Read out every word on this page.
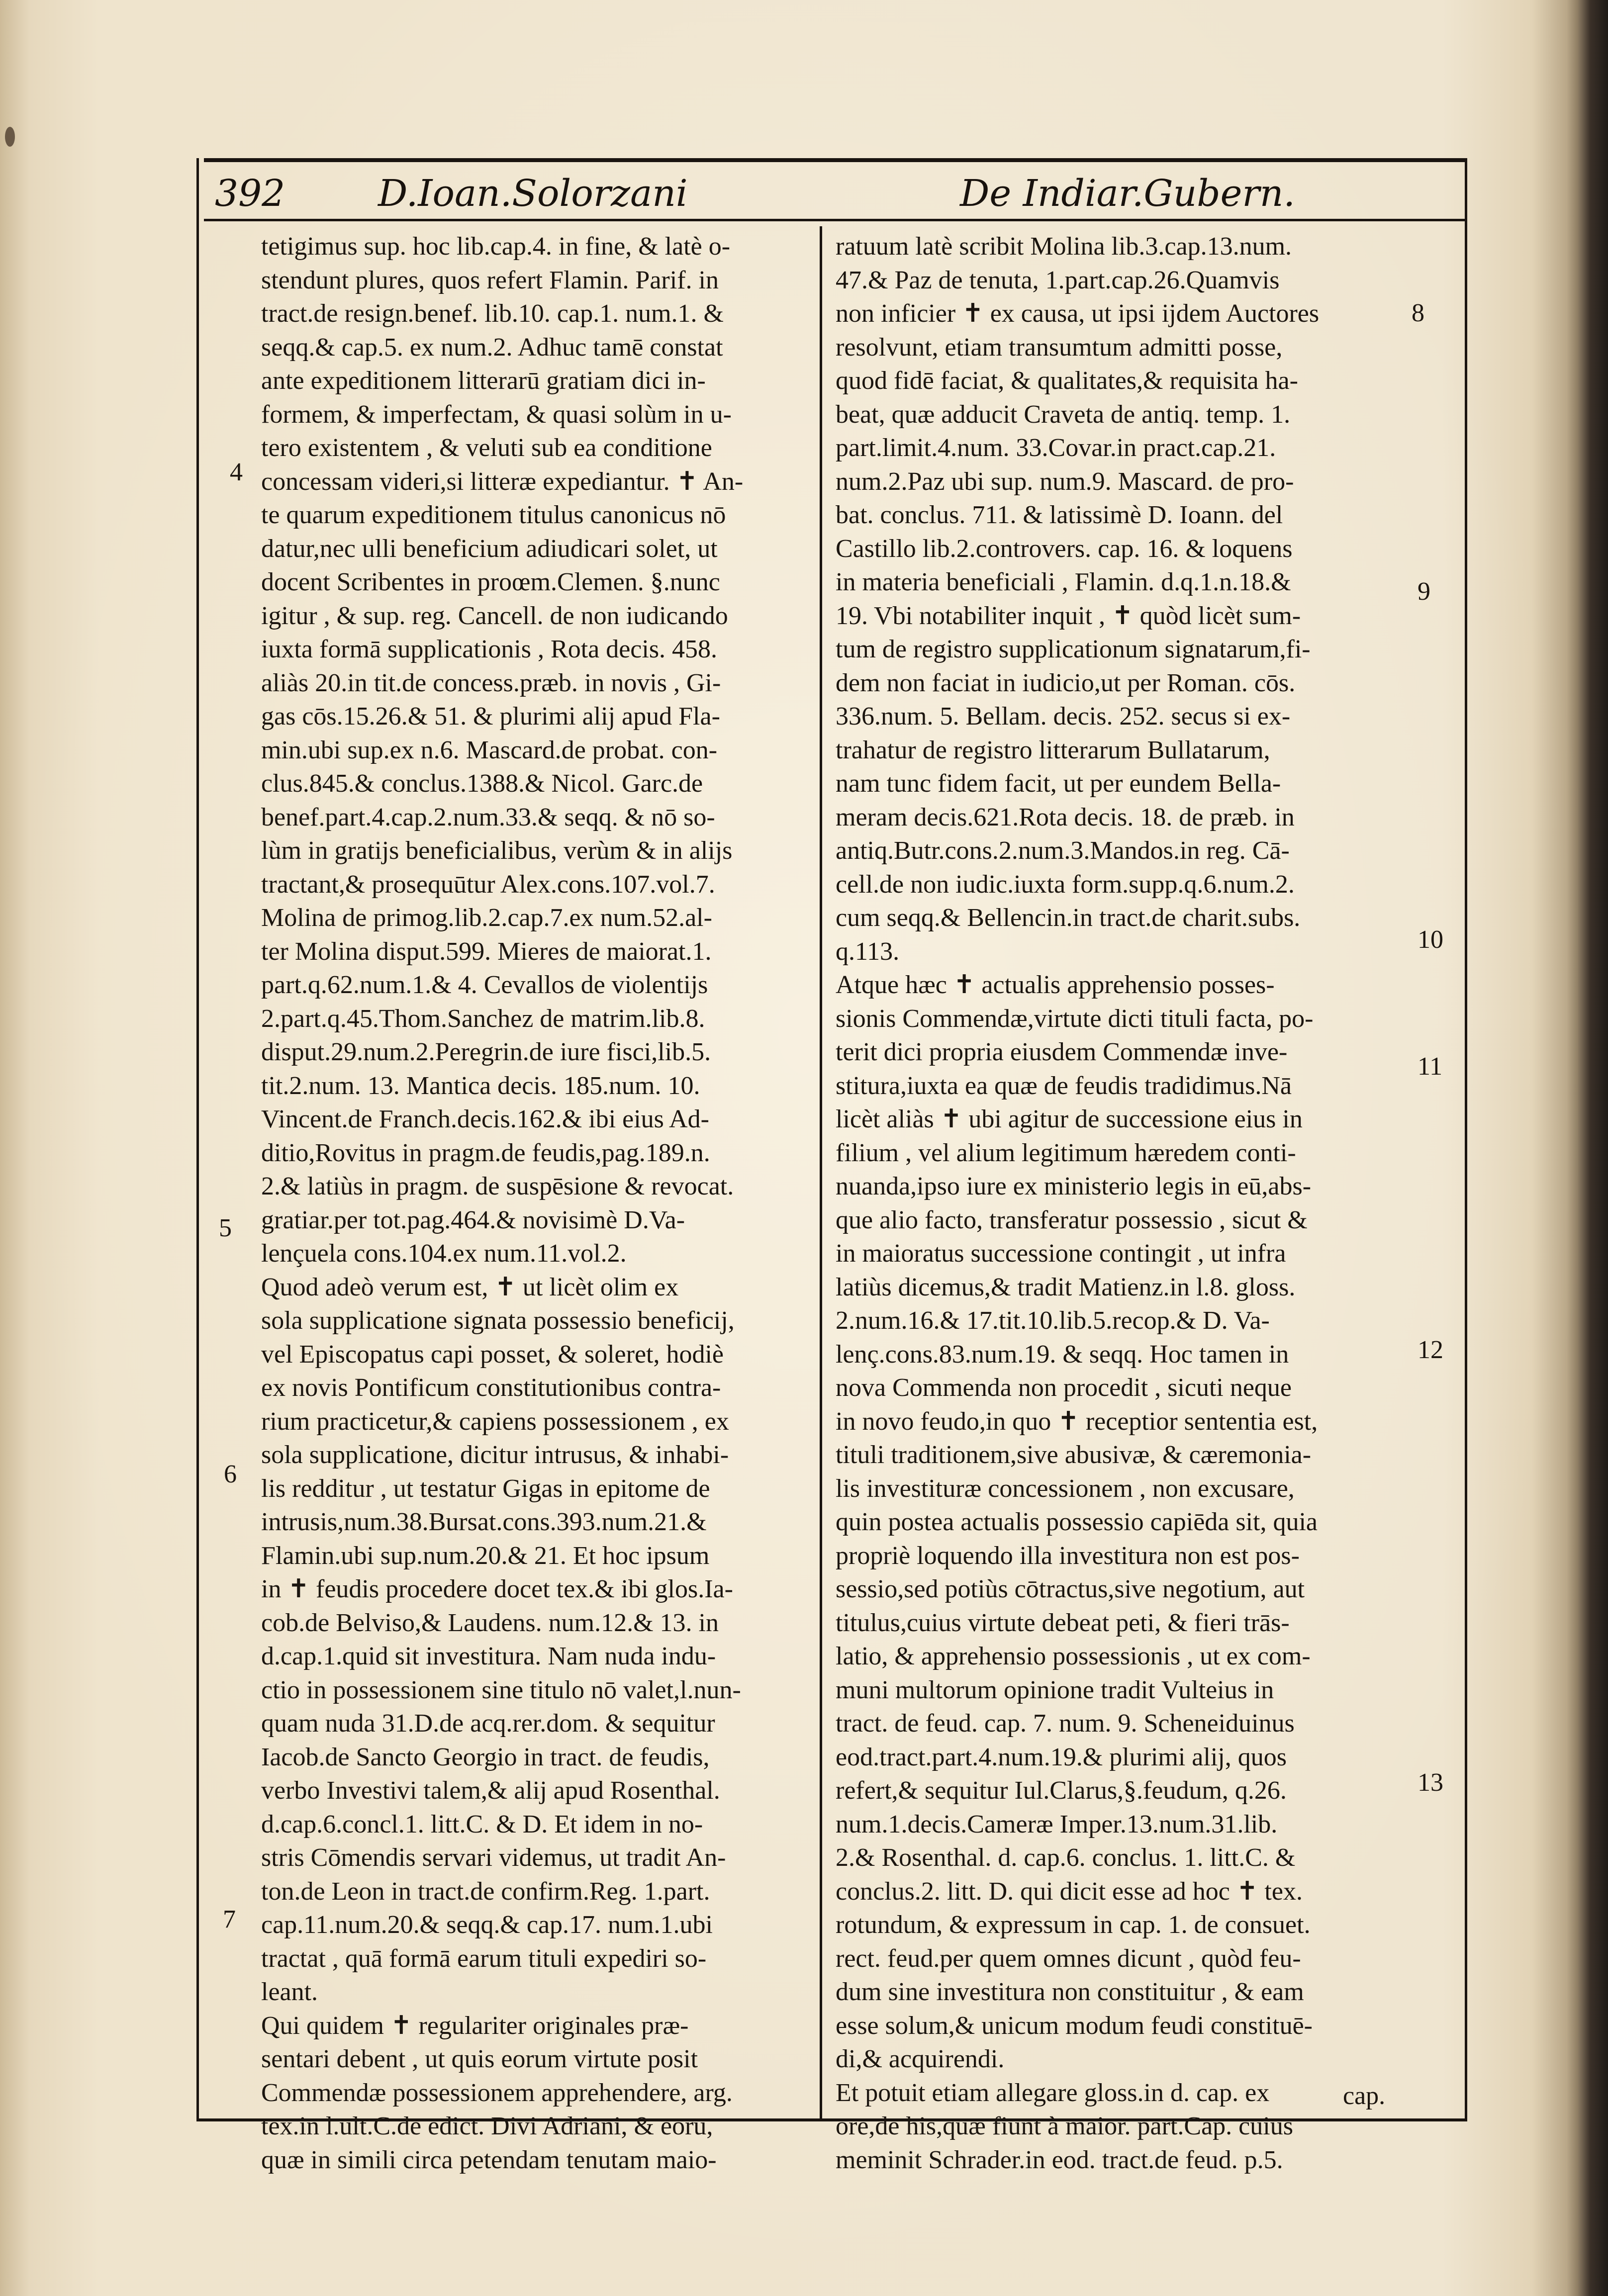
392	D.Ioan.Solorzani	De Indiar.Gubern.
tetigimus sup. hoc lib.cap.4. in fine, & latè o-
stendunt plures, quos refert Flamin. Parif. in
tract.de resign.benef. lib.10. cap.1. num.1. &
seqq.& cap.5. ex num.2. Adhuc tamē constat
ante expeditionem litterarū gratiam dici in-
formem, & imperfectam, & quasi solùm in u-
tero existentem , & veluti sub ea conditione
concessam videri,si litteræ expediantur. ✝ An-
te quarum expeditionem titulus canonicus nō
datur,nec ulli beneficium adiudicari solet, ut
docent Scribentes in proœm.Clemen. §.nunc
igitur , & sup. reg. Cancell. de non iudicando
iuxta formā supplicationis , Rota decis. 458.
aliàs 20.in tit.de concess.præb. in novis , Gi-
gas cōs.15.26.& 51. & plurimi alij apud Fla-
min.ubi sup.ex n.6. Mascard.de probat. con-
clus.845.& conclus.1388.& Nicol. Garc.de
benef.part.4.cap.2.num.33.& seqq. & nō so-
lùm in gratijs beneficialibus, verùm & in alijs
tractant,& prosequūtur Alex.cons.107.vol.7.
Molina de primog.lib.2.cap.7.ex num.52.al-
ter Molina disput.599. Mieres de maiorat.1.
part.q.62.num.1.& 4. Cevallos de violentijs
2.part.q.45.Thom.Sanchez de matrim.lib.8.
disput.29.num.2.Peregrin.de iure fisci,lib.5.
tit.2.num. 13. Mantica decis. 185.num. 10.
Vincent.de Franch.decis.162.& ibi eius Ad-
ditio,Rovitus in pragm.de feudis,pag.189.n.
2.& latiùs in pragm. de suspēsione & revocat.
gratiar.per tot.pag.464.& novisimè D.Va-
lençuela cons.104.ex num.11.vol.2.
Quod adeò verum est, ✝ ut licèt olim ex
sola supplicatione signata possessio beneficij,
vel Episcopatus capi posset, & soleret, hodiè
ex novis Pontificum constitutionibus contra-
rium practicetur,& capiens possessionem , ex
sola supplicatione, dicitur intrusus, & inhabi-
lis redditur , ut testatur Gigas in epitome de
intrusis,num.38.Bursat.cons.393.num.21.&
Flamin.ubi sup.num.20.& 21. Et hoc ipsum
in ✝ feudis procedere docet tex.& ibi glos.Ia-
cob.de Belviso,& Laudens. num.12.& 13. in
d.cap.1.quid sit investitura. Nam nuda indu-
ctio in possessionem sine titulo nō valet,l.nun-
quam nuda 31.D.de acq.rer.dom. & sequitur
Iacob.de Sancto Georgio in tract. de feudis,
verbo Investivi talem,& alij apud Rosenthal.
d.cap.6.concl.1. litt.C. & D. Et idem in no-
stris Cōmendis servari videmus, ut tradit An-
ton.de Leon in tract.de confirm.Reg. 1.part.
cap.11.num.20.& seqq.& cap.17. num.1.ubi
tractat , quā formā earum tituli expediri so-
leant.
Qui quidem ✝ regulariter originales præ-
sentari debent , ut quis eorum virtute posit
Commendæ possessionem apprehendere, arg.
tex.in l.ult.C.de edict. Divi Adriani, & eorū,
quæ in simili circa petendam tenutam maio-
ratuum latè scribit Molina lib.3.cap.13.num.
47.& Paz de tenuta, 1.part.cap.26.Quamvis
non inficier ✝ ex causa, ut ipsi ijdem Auctores
resolvunt, etiam transumtum admitti posse,
quod fidē faciat, & qualitates,& requisita ha-
beat, quæ adducit Craveta de antiq. temp. 1.
part.limit.4.num. 33.Covar.in pract.cap.21.
num.2.Paz ubi sup. num.9. Mascard. de pro-
bat. conclus. 711. & latissimè D. Ioann. del
Castillo lib.2.controvers. cap. 16. & loquens
in materia beneficiali , Flamin. d.q.1.n.18.&
19. Vbi notabiliter inquit , ✝ quòd licèt sum-
tum de registro supplicationum signatarum,fi-
dem non faciat in iudicio,ut per Roman. cōs.
336.num. 5. Bellam. decis. 252. secus si ex-
trahatur de registro litterarum Bullatarum,
nam tunc fidem facit, ut per eundem Bella-
meram decis.621.Rota decis. 18. de præb. in
antiq.Butr.cons.2.num.3.Mandos.in reg. Cā-
cell.de non iudic.iuxta form.supp.q.6.num.2.
cum seqq.& Bellencin.in tract.de charit.subs.
q.113.
Atque hæc ✝ actualis apprehensio posses-
sionis Commendæ,virtute dicti tituli facta, po-
terit dici propria eiusdem Commendæ inve-
stitura,iuxta ea quæ de feudis tradidimus.Nā
licèt aliàs ✝ ubi agitur de successione eius in
filium , vel alium legitimum hæredem conti-
nuanda,ipso iure ex ministerio legis in eū,abs-
que alio facto, transferatur possessio , sicut &
in maioratus successione contingit , ut infra
latiùs dicemus,& tradit Matienz.in l.8. gloss.
2.num.16.& 17.tit.10.lib.5.recop.& D. Va-
lenç.cons.83.num.19. & seqq. Hoc tamen in
nova Commenda non procedit , sicuti neque
in novo feudo,in quo ✝ receptior sententia est,
tituli traditionem,sive abusivæ, & cæremonia-
lis investituræ concessionem , non excusare,
quin postea actualis possessio capiēda sit, quia
propriè loquendo illa investitura non est pos-
sessio,sed potiùs cōtractus,sive negotium, aut
titulus,cuius virtute debeat peti, & fieri trās-
latio, & apprehensio possessionis , ut ex com-
muni multorum opinione tradit Vulteius in
tract. de feud. cap. 7. num. 9. Scheneiduinus
eod.tract.part.4.num.19.& plurimi alij, quos
refert,& sequitur Iul.Clarus,§.feudum, q.26.
num.1.decis.Cameræ Imper.13.num.31.lib.
2.& Rosenthal. d. cap.6. conclus. 1. litt.C. &
conclus.2. litt. D. qui dicit esse ad hoc ✝ tex.
rotundum, & expressum in cap. 1. de consuet.
rect. feud.per quem omnes dicunt , quòd feu-
dum sine investitura non constituitur , & eam
esse solum,& unicum modum feudi constituē-
di,& acquirendi.
Et potuit etiam allegare gloss.in d. cap. ex
ore,de his,quæ fiunt à maior. part.Cap. cuius
meminit Schrader.in eod. tract.de feud. p.5.
4
5
6
7
8
9
10
11
12
13
cap.
